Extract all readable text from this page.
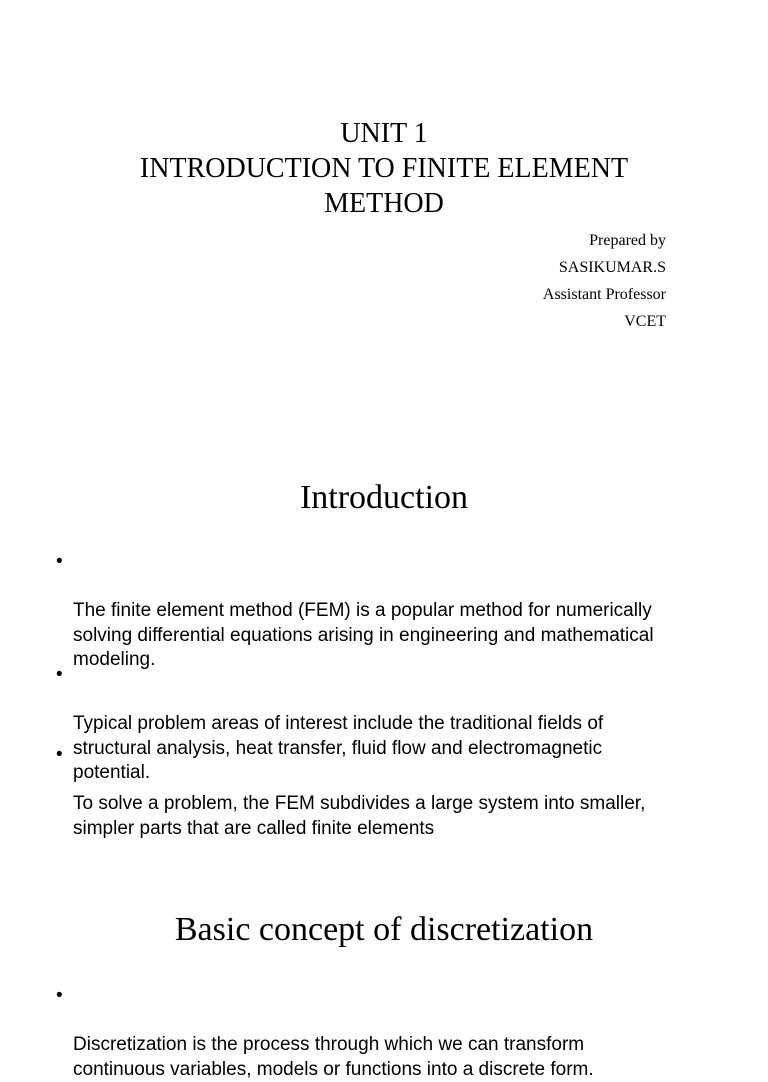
UNIT 1
INTRODUCTION TO FINITE ELEMENT
METHOD
Prepared by
SASIKUMAR.S
Assistant Professor
VCET
Introduction

•

The finite element method (FEM) is a popular method for numerically
solving differential equations arising in engineering and mathematical
modeling.

•

Typical problem areas of interest include the traditional fields of
structural analysis, heat transfer, fluid flow and electromagnetic
potential.

•

To solve a problem, the FEM subdivides a large system into smaller,
simpler parts that are called finite elements

Basic concept of discretization

•

Discretization is the process through which we can transform
continuous variables, models or functions into a discrete form.
